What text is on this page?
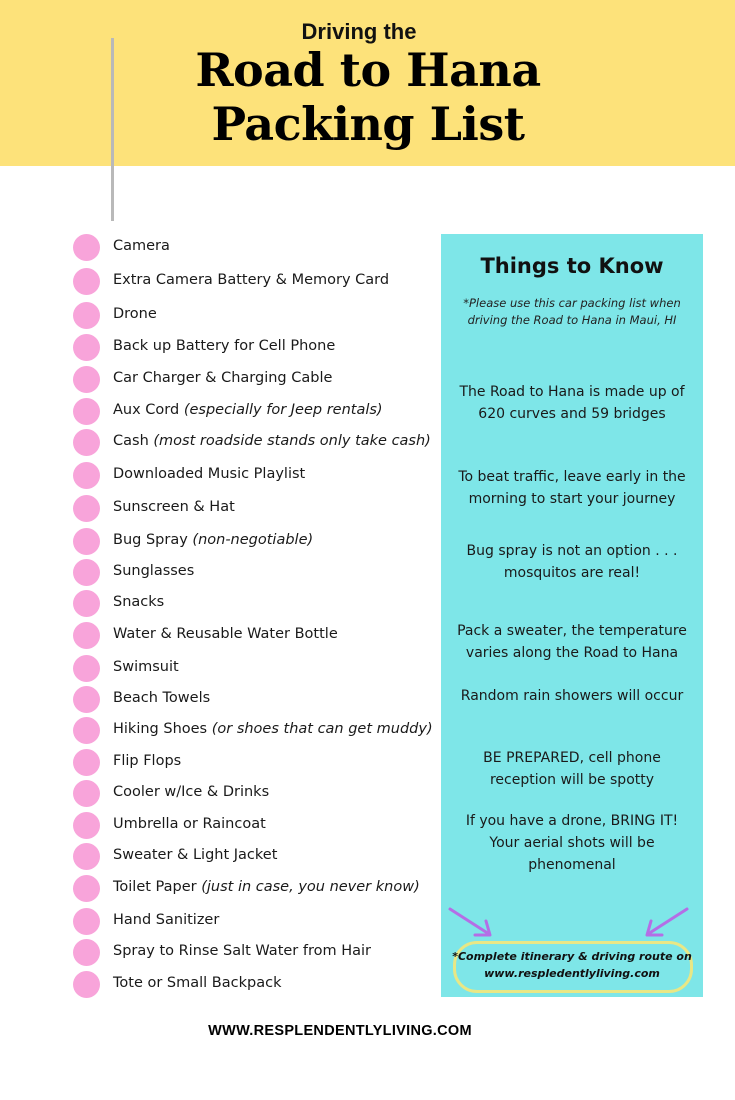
Driving the
Road to Hana
Packing List
Camera
Extra Camera Battery & Memory Card
Drone
Back up Battery for Cell Phone
Car Charger & Charging Cable
Aux Cord (especially for Jeep rentals)
Cash (most roadside stands only take cash)
Downloaded Music Playlist
Sunscreen & Hat
Bug Spray (non-negotiable)
Sunglasses
Snacks
Water & Reusable Water Bottle
Swimsuit
Beach Towels
Hiking Shoes (or shoes that can get muddy)
Flip Flops
Cooler w/Ice & Drinks
Umbrella or Raincoat
Sweater & Light Jacket
Toilet Paper (just in case, you never know)
Hand Sanitizer
Spray to Rinse Salt Water from Hair
Tote or Small Backpack
Things to Know
*Please use this car packing list when
driving the Road to Hana in Maui, HI
The Road to Hana is made up of
620 curves and 59 bridges
To beat traffic, leave early in the
morning to start your journey
Bug spray is not an option . . .
mosquitos are real!
Pack a sweater, the temperature
varies along the Road to Hana
Random rain showers will occur
BE PREPARED, cell phone
reception will be spotty
If you have a drone, BRING IT!
Your aerial shots will be
phenomenal
*Complete itinerary & driving route on
www.respledentlyliving.com
WWW.RESPLENDENTLYLIVING.COM
